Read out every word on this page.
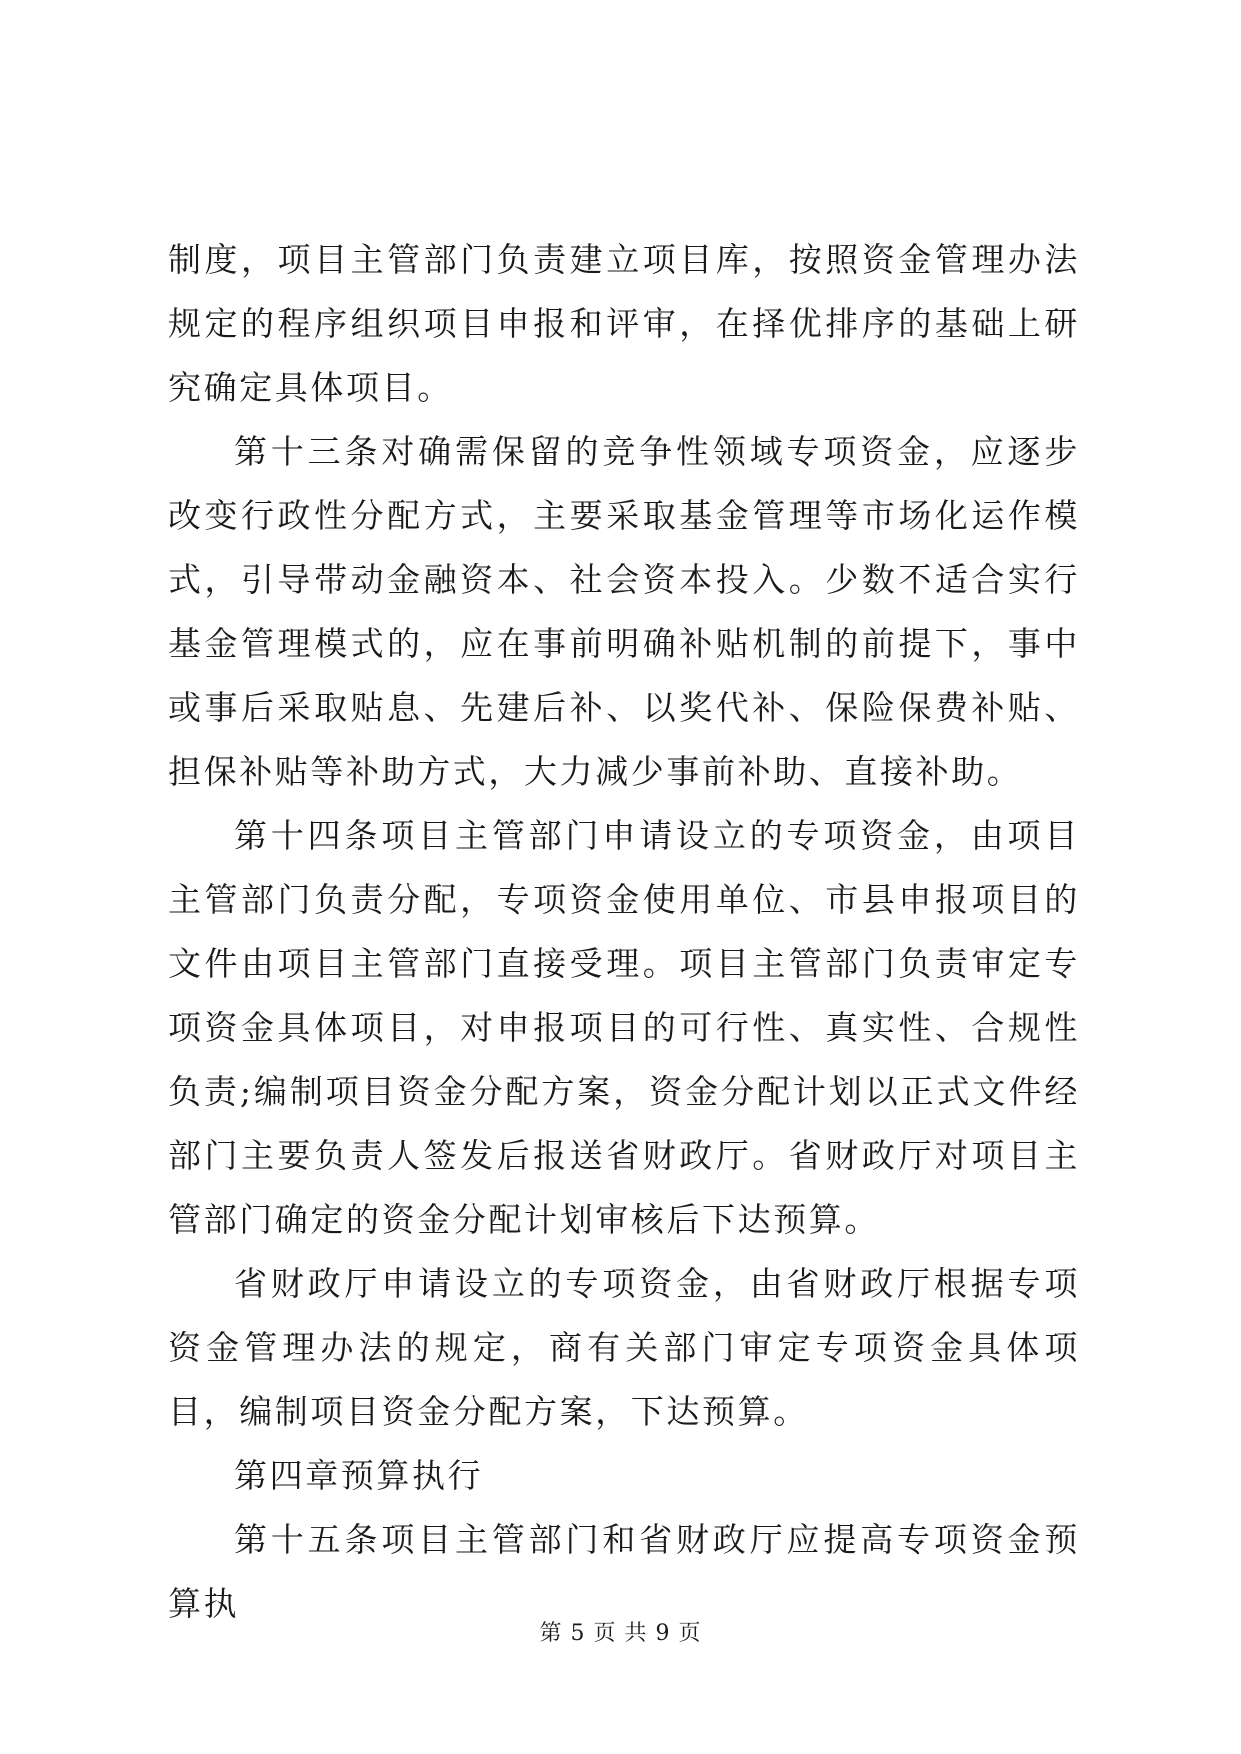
制度，项目主管部门负责建立项目库，按照资金管理办法规定的程序组织项目申报和评审，在择优排序的基础上研究确定具体项目。

第十三条对确需保留的竞争性领域专项资金，应逐步改变行政性分配方式，主要采取基金管理等市场化运作模式，引导带动金融资本、社会资本投入。少数不适合实行基金管理模式的，应在事前明确补贴机制的前提下，事中或事后采取贴息、先建后补、以奖代补、保险保费补贴、担保补贴等补助方式，大力减少事前补助、直接补助。

第十四条项目主管部门申请设立的专项资金，由项目主管部门负责分配，专项资金使用单位、市县申报项目的文件由项目主管部门直接受理。项目主管部门负责审定专项资金具体项目，对申报项目的可行性、真实性、合规性负责;编制项目资金分配方案，资金分配计划以正式文件经部门主要负责人签发后报送省财政厅。省财政厅对项目主管部门确定的资金分配计划审核后下达预算。

省财政厅申请设立的专项资金，由省财政厅根据专项资金管理办法的规定，商有关部门审定专项资金具体项目，编制项目资金分配方案，下达预算。

第四章预算执行

第十五条项目主管部门和省财政厅应提高专项资金预算执

第 5 页 共 9 页
